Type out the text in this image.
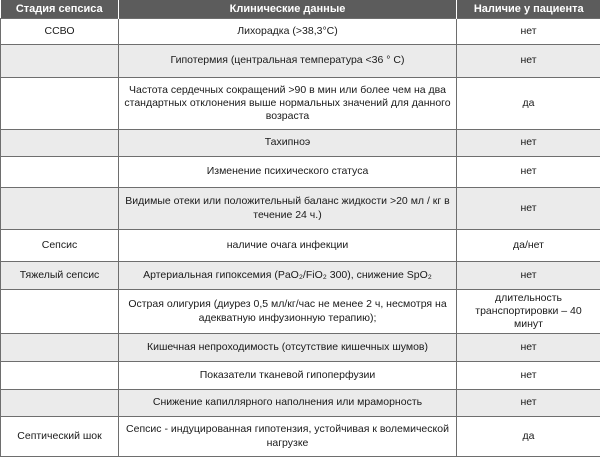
Стадия сепсиса	Клинические данные	Наличие у пациента
ССВО	Лихорадка (>38,3°С)	нет
	Гипотермия (центральная температура <36 ° С)	нет
	Частота сердечных сокращений >90 в мин или более чем на два стандартных отклонения выше нормальных значений для данного возраста	да
	Тахипноэ	нет
	Изменение психического статуса	нет
	Видимые отеки или положительный баланс жидкости >20 мл / кг в течение 24 ч.)	нет
Сепсис	наличие очага инфекции	да/нет
Тяжелый сепсис	Артериальная гипоксемия (PaO₂/FiO₂ 300), снижение SpO₂	нет
	Острая олигурия (диурез 0,5 мл/кг/час не менее 2 ч, несмотря на адекватную инфузионную терапию);	длительность транспортировки – 40 минут
	Кишечная непроходимость (отсутствие кишечных шумов)	нет
	Показатели тканевой гипоперфузии	нет
	Снижение капиллярного наполнения или мраморность	нет
Септический шок	Сепсис - индуцированная гипотензия, устойчивая к волемической нагрузке	да
